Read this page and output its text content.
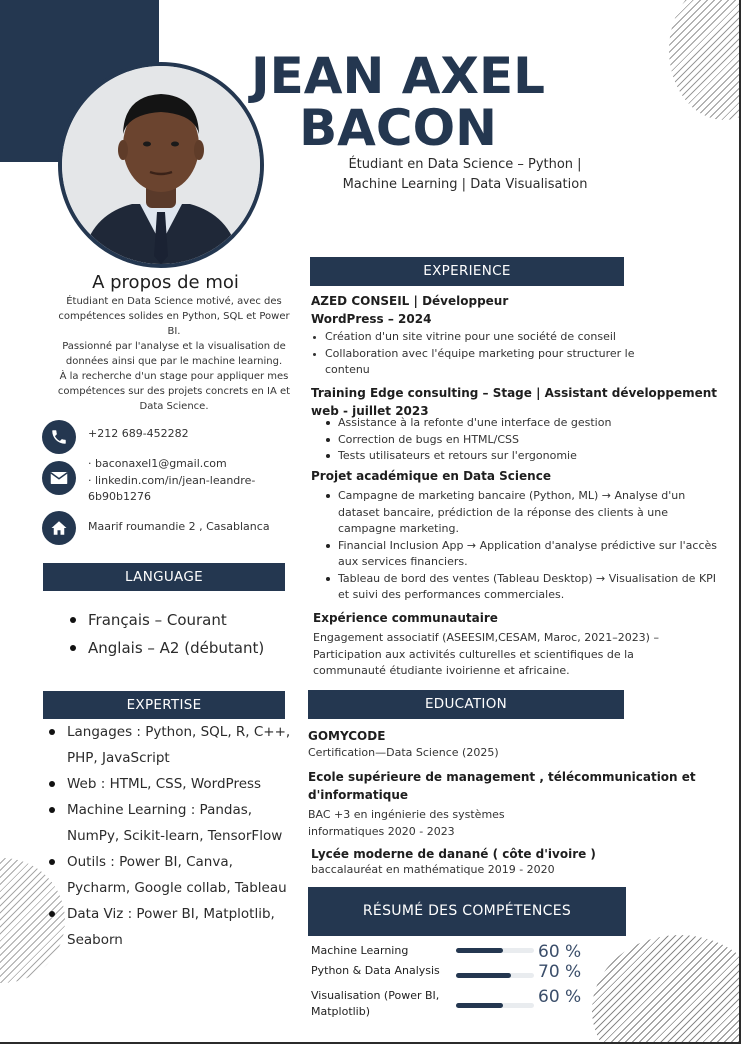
JEAN AXEL
BACON
Étudiant en Data Science – Python |
Machine Learning | Data Visualisation
A propos de moi
Étudiant en Data Science motivé, avec des
compétences solides en Python, SQL et Power
BI.
Passionné par l'analyse et la visualisation de
données ainsi que par le machine learning.
À la recherche d'un stage pour appliquer mes
compétences sur des projets concrets en IA et
Data Science.
+212 689-452282
· baconaxel1@gmail.com
· linkedin.com/in/jean-leandre-
6b90b1276
Maarif roumandie 2 , Casablanca
LANGUAGE
Français – Courant
Anglais – A2 (débutant)
EXPERTISE
Langages : Python, SQL, R, C++, PHP, JavaScript
Web : HTML, CSS, WordPress
Machine Learning : Pandas, NumPy, Scikit-learn, TensorFlow
Outils : Power BI, Canva, Pycharm, Google collab, Tableau
Data Viz : Power BI, Matplotlib, Seaborn
EXPERIENCE
AZED CONSEIL | Développeur
WordPress – 2024
Création d'un site vitrine pour une société de conseil
Collaboration avec l'équipe marketing pour structurer le contenu
Training Edge consulting – Stage | Assistant développement web - juillet 2023
Assistance à la refonte d'une interface de gestion
Correction de bugs en HTML/CSS
Tests utilisateurs et retours sur l'ergonomie
Projet académique en Data Science
Campagne de marketing bancaire (Python, ML) → Analyse d'un dataset bancaire, prédiction de la réponse des clients à une campagne marketing.
Financial Inclusion App → Application d'analyse prédictive sur l'accès aux services financiers.
Tableau de bord des ventes (Tableau Desktop) → Visualisation de KPI et suivi des performances commerciales.
Expérience communautaire
Engagement associatif (ASEESIM,CESAM, Maroc, 2021–2023) – Participation aux activités culturelles et scientifiques de la communauté étudiante ivoirienne et africaine.
EDUCATION
GOMYCODE
Certification—Data Science (2025)
Ecole supérieure de management , télécommunication et d'informatique
BAC +3 en ingénierie des systèmes
informatiques 2020 - 2023
Lycée moderne de danané ( côte d'ivoire )
baccalauréat en mathématique 2019 - 2020
RÉSUMÉ DES COMPÉTENCES
Machine Learning	60 %
Python & Data Analysis	70 %
Visualisation (Power BI, Matplotlib)
60 %
